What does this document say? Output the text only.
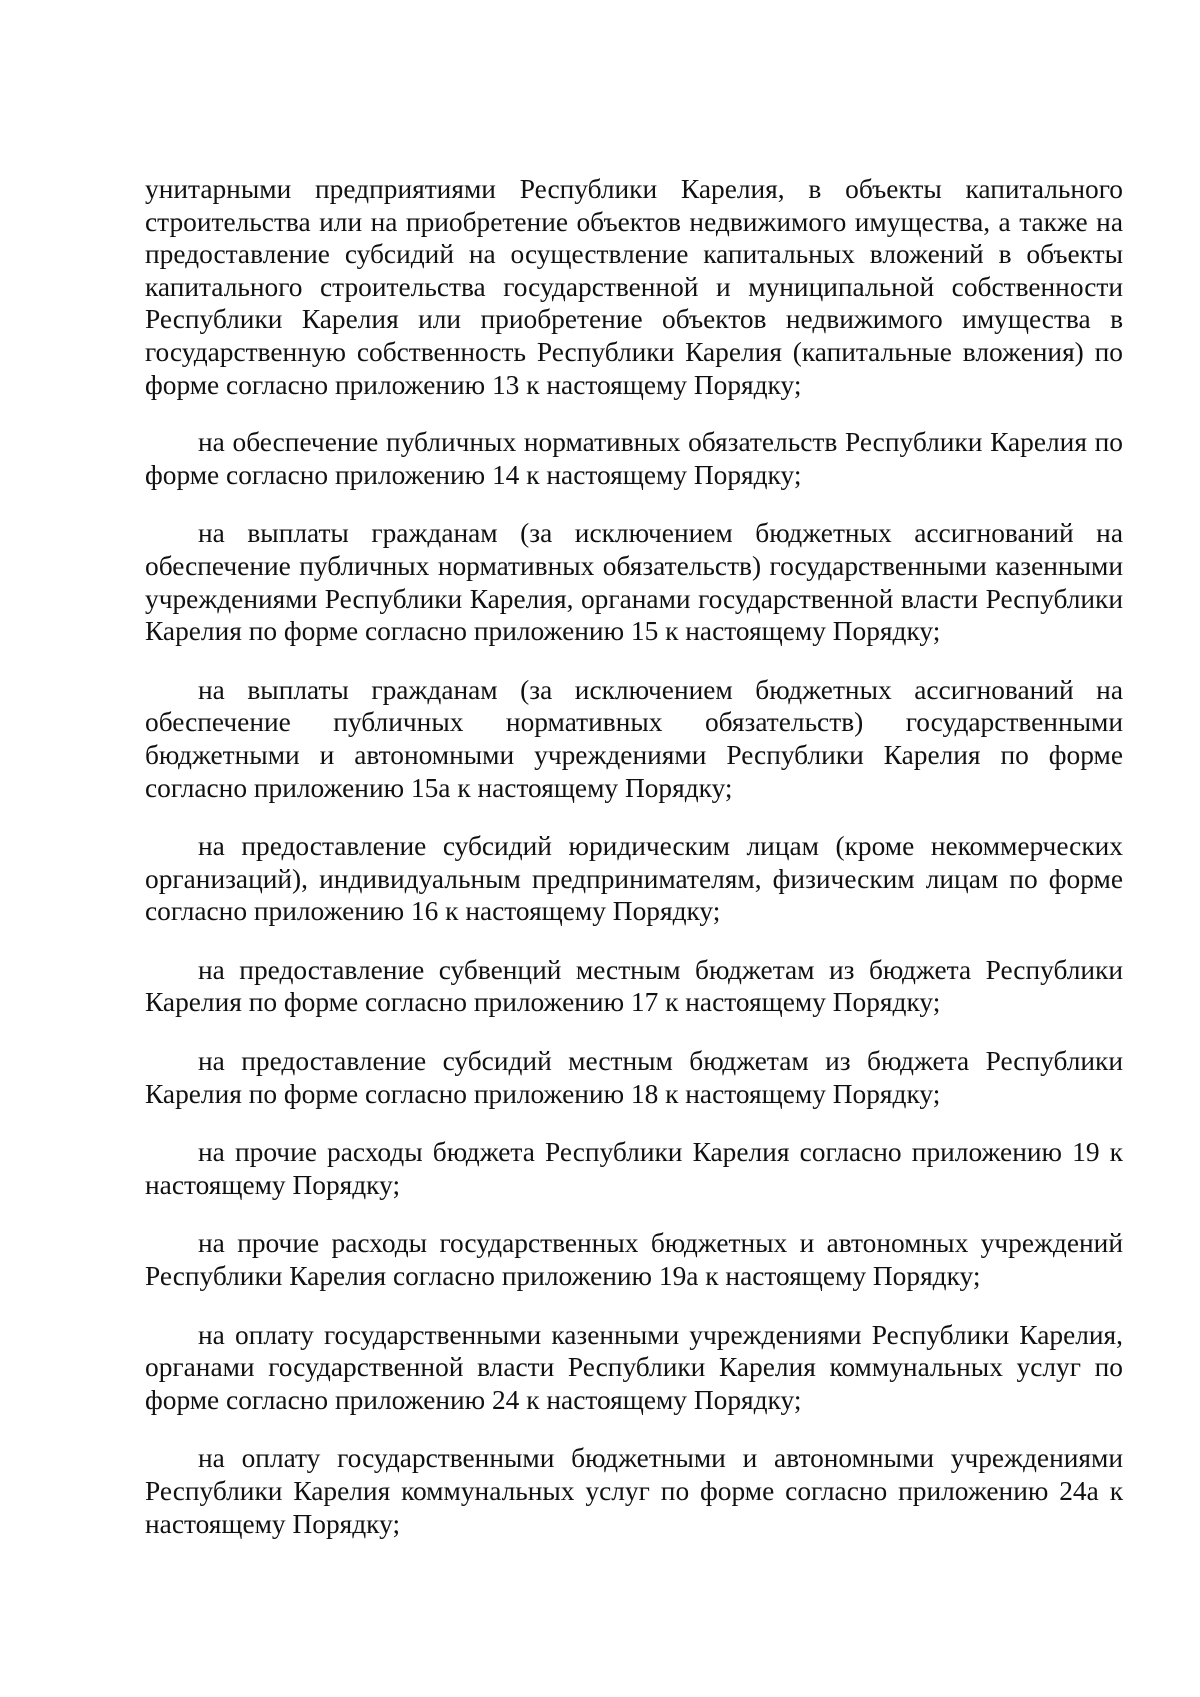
унитарными предприятиями Республики Карелия, в объекты капитального строительства или на приобретение объектов недвижимого имущества, а также на предоставление субсидий на осуществление капитальных вложений в объекты капитального строительства государственной и муниципальной собственности Республики Карелия или приобретение объектов недвижимого имущества в государственную собственность Республики Карелия (капитальные вложения) по форме согласно приложению 13 к настоящему Порядку;

на обеспечение публичных нормативных обязательств Республики Карелия по форме согласно приложению 14 к настоящему Порядку;

на выплаты гражданам (за исключением бюджетных ассигнований на обеспечение публичных нормативных обязательств) государственными казенными учреждениями Республики Карелия, органами государственной власти Республики Карелия по форме согласно приложению 15 к настоящему Порядку;

на выплаты гражданам (за исключением бюджетных ассигнований на обеспечение публичных нормативных обязательств) государственными бюджетными и автономными учреждениями Республики Карелия по форме согласно приложению 15а к настоящему Порядку;

на предоставление субсидий юридическим лицам (кроме некоммерческих организаций), индивидуальным предпринимателям, физическим лицам по форме согласно приложению 16 к настоящему Порядку;

на предоставление субвенций местным бюджетам из бюджета Республики Карелия по форме согласно приложению 17 к настоящему Порядку;

на предоставление субсидий местным бюджетам из бюджета Республики Карелия по форме согласно приложению 18 к настоящему Порядку;

на прочие расходы бюджета Республики Карелия согласно приложению 19 к настоящему Порядку;

на прочие расходы государственных бюджетных и автономных учреждений Республики Карелия согласно приложению 19а к настоящему Порядку;

на оплату государственными казенными учреждениями Республики Карелия, органами государственной власти Республики Карелия коммунальных услуг по форме согласно приложению 24 к настоящему Порядку;

на оплату государственными бюджетными и автономными учреждениями Республики Карелия коммунальных услуг по форме согласно приложению 24а к настоящему Порядку;
